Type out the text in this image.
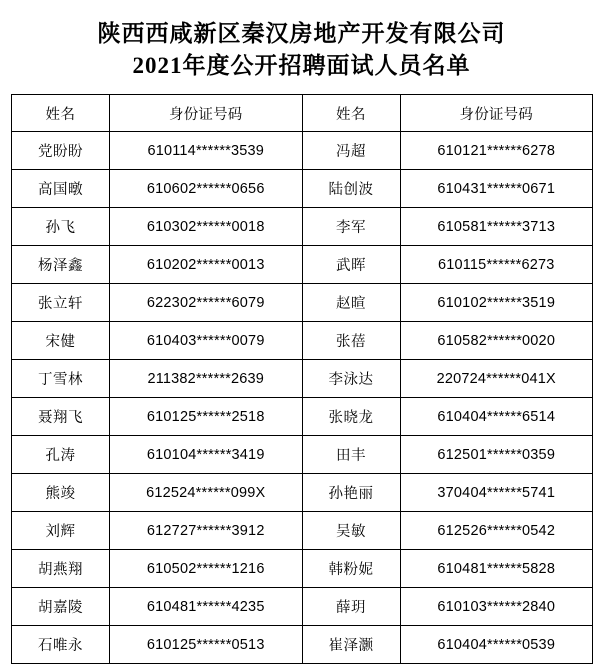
陕西西咸新区秦汉房地产开发有限公司
2021年度公开招聘面试人员名单
姓名	身份证号码	姓名	身份证号码
党盼盼	610114******3539	冯超	610121******6278
高国暾	610602******0656	陆创波	610431******0671
孙飞	610302******0018	李军	610581******3713
杨泽鑫	610202******0013	武晖	610115******6273
张立轩	622302******6079	赵暄	610102******3519
宋健	610403******0079	张蓓	610582******0020
丁雪林	211382******2639	李泳达	220724******041X
聂翔飞	610125******2518	张晓龙	610404******6514
孔涛	610104******3419	田丰	612501******0359
熊竣	612524******099X	孙艳丽	370404******5741
刘辉	612727******3912	吴敏	612526******0542
胡燕翔	610502******1216	韩粉妮	610481******5828
胡嘉陵	610481******4235	薛玥	610103******2840
石唯永	610125******0513	崔泽灏	610404******0539
